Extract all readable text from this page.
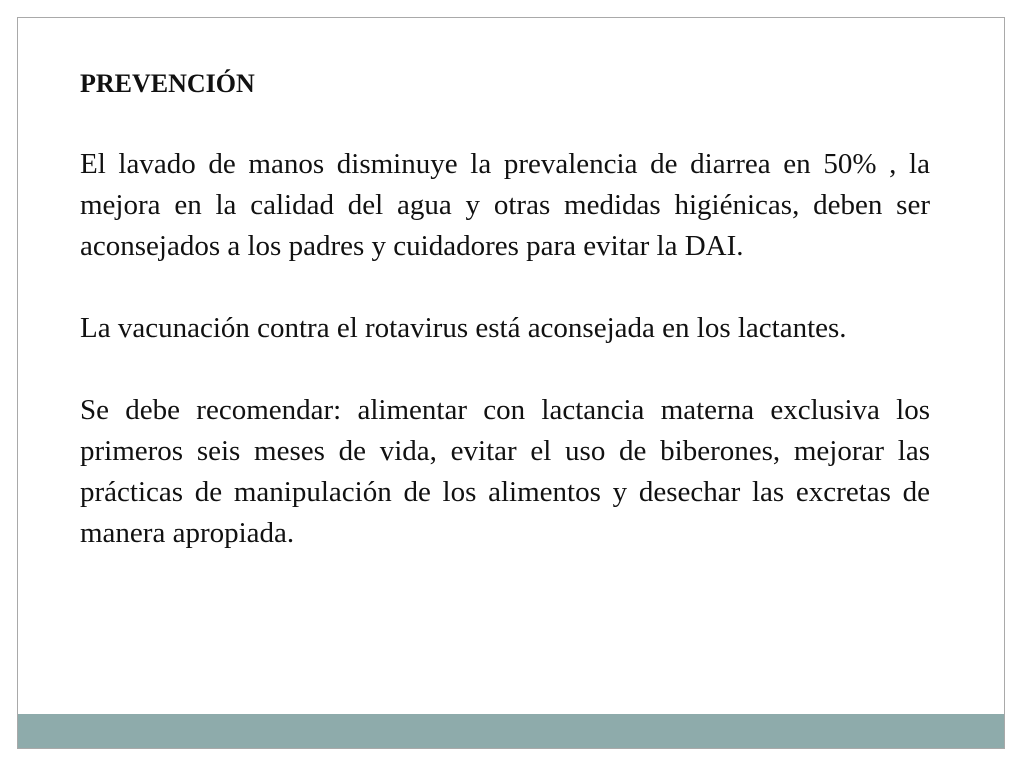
PREVENCIÓN

El lavado de manos disminuye la prevalencia de diarrea en 50% , la mejora en la calidad del agua y otras medidas higiénicas, deben ser aconsejados a los padres y cuidadores para evitar la DAI.

La vacunación contra el rotavirus está aconsejada en los lactantes.

Se debe recomendar: alimentar con lactancia materna exclusiva los primeros seis meses de vida, evitar el uso de biberones, mejorar las prácticas de manipulación de los alimentos y desechar las excretas de manera apropiada.
